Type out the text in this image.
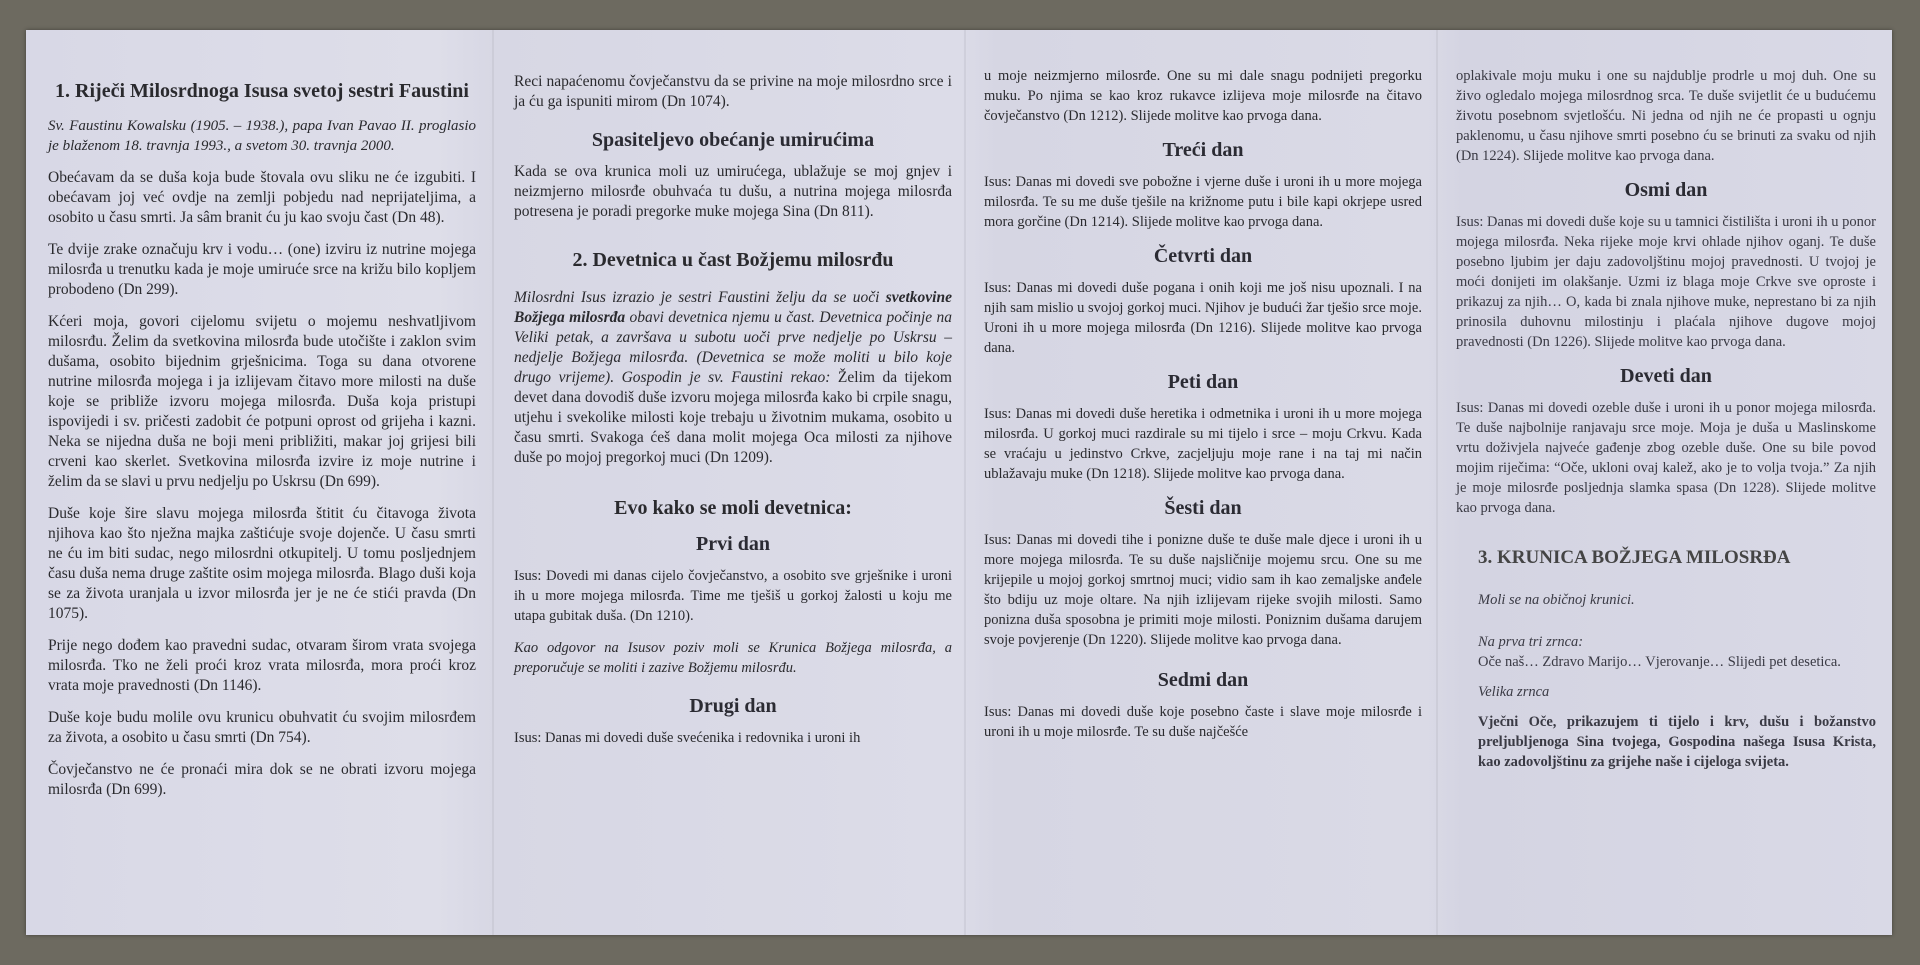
1. Riječi Milosrdnoga Isusa svetoj sestri Faustini

Sv. Faustinu Kowalsku (1905. – 1938.), papa Ivan Pavao II. proglasio je blaženom 18. travnja 1993., a svetom 30. travnja 2000.

Obećavam da se duša koja bude štovala ovu sliku ne će izgubiti. I obećavam joj već ovdje na zemlji pobjedu nad neprijateljima, a osobito u času smrti. Ja sâm branit ću ju kao svoju čast (Dn 48).

Te dvije zrake označuju krv i vodu… (one) izviru iz nutrine mojega milosrđa u trenutku kada je moje umiruće srce na križu bilo kopljem probodeno (Dn 299).

Kćeri moja, govori cijelomu svijetu o mojemu neshvatljivom milosrđu. Želim da svetkovina milosrđa bude utočište i zaklon svim dušama, osobito bijednim grješnicima. Toga su dana otvorene nutrine milosrđa mojega i ja izlijevam čitavo more milosti na duše koje se približe izvoru mojega milosrđa. Duša koja pristupi ispovijedi i sv. pričesti zadobit će potpuni oprost od grijeha i kazni. Neka se nijedna duša ne boji meni približiti, makar joj grijesi bili crveni kao skerlet. Svetkovina milosrđa izvire iz moje nutrine i želim da se slavi u prvu nedjelju po Uskrsu (Dn 699).

Duše koje šire slavu mojega milosrđa štitit ću čitavoga života njihova kao što nježna majka zaštićuje svoje dojenče. U času smrti ne ću im biti sudac, nego milosrdni otkupitelj. U tomu posljednjem času duša nema druge zaštite osim mojega milosrđa. Blago duši koja se za života uranjala u izvor milosrđa jer je ne će stići pravda (Dn 1075).

Prije nego dođem kao pravedni sudac, otvaram širom vrata svojega milosrđa. Tko ne želi proći kroz vrata milosrđa, mora proći kroz vrata moje pravednosti (Dn 1146).

Duše koje budu molile ovu krunicu obuhvatit ću svojim milosrđem za života, a osobito u času smrti (Dn 754).

Čovječanstvo ne će pronaći mira dok se ne obrati izvoru mojega milosrđa (Dn 699).

Reci napaćenomu čovječanstvu da se privine na moje milosrdno srce i ja ću ga ispuniti mirom (Dn 1074).

Spasiteljevo obećanje umirućima

Kada se ova krunica moli uz umirućega, ublažuje se moj gnjev i neizmjerno milosrđe obuhvaća tu dušu, a nutrina mojega milosrđa potresena je poradi pregorke muke mojega Sina (Dn 811).

2. Devetnica u čast Božjemu milosrđu

Milosrdni Isus izrazio je sestri Faustini želju da se uoči svetkovine Božjega milosrđa obavi devetnica njemu u čast. Devetnica počinje na Veliki petak, a završava u subotu uoči prve nedjelje po Uskrsu – nedjelje Božjega milosrđa. (Devetnica se može moliti u bilo koje drugo vrijeme). Gospodin je sv. Faustini rekao: Želim da tijekom devet dana dovodiš duše izvoru mojega milosrđa kako bi crpile snagu, utjehu i svekolike milosti koje trebaju u životnim mukama, osobito u času smrti. Svakoga ćeš dana molit mojega Oca milosti za njihove duše po mojoj pregorkoj muci (Dn 1209).

Evo kako se moli devetnica:
Prvi dan

Isus: Dovedi mi danas cijelo čovječanstvo, a osobito sve grješnike i uroni ih u more mojega milosrđa. Time me tješiš u gorkoj žalosti u koju me utapa gubitak duša. (Dn 1210).

Kao odgovor na Isusov poziv moli se Krunica Božjega milosrđa, a preporučuje se moliti i zazive Božjemu milosrđu.

Drugi dan

Isus: Danas mi dovedi duše svećenika i redovnika i uroni ih

u moje neizmjerno milosrđe. One su mi dale snagu podnijeti pregorku muku. Po njima se kao kroz rukavce izlijeva moje milosrđe na čitavo čovječanstvo (Dn 1212). Slijede molitve kao prvoga dana.

Treći dan

Isus: Danas mi dovedi sve pobožne i vjerne duše i uroni ih u more mojega milosrđa. Te su me duše tješile na križnome putu i bile kapi okrjepe usred mora gorčine (Dn 1214). Slijede molitve kao prvoga dana.

Četvrti dan

Isus: Danas mi dovedi duše pogana i onih koji me još nisu upoznali. I na njih sam mislio u svojoj gorkoj muci. Njihov je budući žar tješio srce moje. Uroni ih u more mojega milosrđa (Dn 1216). Slijede molitve kao prvoga dana.

Peti dan

Isus: Danas mi dovedi duše heretika i odmetnika i uroni ih u more mojega milosrđa. U gorkoj muci razdirale su mi tijelo i srce – moju Crkvu. Kada se vraćaju u jedinstvo Crkve, zacjeljuju moje rane i na taj mi način ublažavaju muke (Dn 1218). Slijede molitve kao prvoga dana.

Šesti dan

Isus: Danas mi dovedi tihe i ponizne duše te duše male djece i uroni ih u more mojega milosrđa. Te su duše najsličnije mojemu srcu. One su me krijepile u mojoj gorkoj smrtnoj muci; vidio sam ih kao zemaljske anđele što bdiju uz moje oltare. Na njih izlijevam rijeke svojih milosti. Samo ponizna duša sposobna je primiti moje milosti. Poniznim dušama darujem svoje povjerenje (Dn 1220). Slijede molitve kao prvoga dana.

Sedmi dan

Isus: Danas mi dovedi duše koje posebno časte i slave moje milosrđe i uroni ih u moje milosrđe. Te su duše najčešće

oplakivale moju muku i one su najdublje prodrle u moj duh. One su živo ogledalo mojega milosrdnog srca. Te duše svijetlit će u budućemu životu posebnom svjetlošću. Ni jedna od njih ne će propasti u ognju paklenomu, u času njihove smrti posebno ću se brinuti za svaku od njih (Dn 1224). Slijede molitve kao prvoga dana.

Osmi dan

Isus: Danas mi dovedi duše koje su u tamnici čistilišta i uroni ih u ponor mojega milosrđa. Neka rijeke moje krvi ohlade njihov oganj. Te duše posebno ljubim jer daju zadovoljštinu mojoj pravednosti. U tvojoj je moći donijeti im olakšanje. Uzmi iz blaga moje Crkve sve oproste i prikazuj za njih… O, kada bi znala njihove muke, neprestano bi za njih prinosila duhovnu milostinju i plaćala njihove dugove mojoj pravednosti (Dn 1226). Slijede molitve kao prvoga dana.

Deveti dan

Isus: Danas mi dovedi ozeble duše i uroni ih u ponor mojega milosrđa. Te duše najbolnije ranjavaju srce moje. Moja je duša u Maslinskome vrtu doživjela najveće gađenje zbog ozeble duše. One su bile povod mojim riječima: “Oče, ukloni ovaj kalež, ako je to volja tvoja.” Za njih je moje milosrđe posljednja slamka spasa (Dn 1228). Slijede molitve kao prvoga dana.

3. KRUNICA BOŽJEGA MILOSRĐA

Moli se na običnoj krunici.

Na prva tri zrnca:

Oče naš… Zdravo Marijo… Vjerovanje… Slijedi pet desetica.

Velika zrnca

Vječni Oče, prikazujem ti tijelo i krv, dušu i božanstvo preljubljenoga Sina tvojega, Gospodina našega Isusa Krista, kao zadovoljštinu za grijehe naše i cijeloga svijeta.
